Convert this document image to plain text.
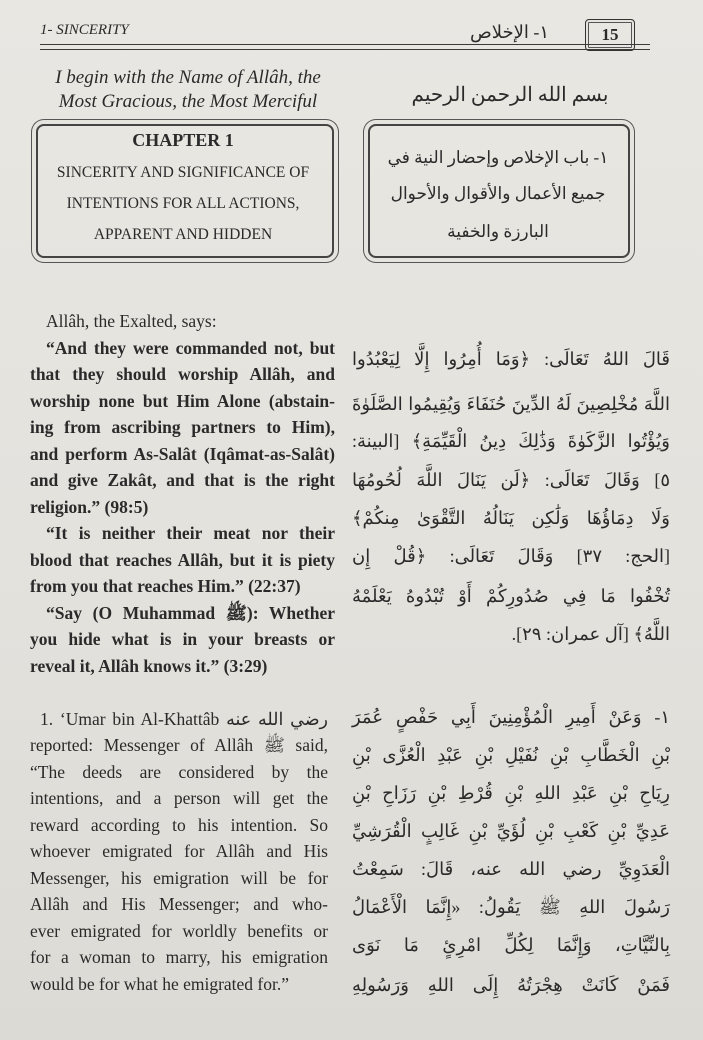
1- SINCERITY	١- الإخلاص	15
I begin with the Name of Allâh, the
Most Gracious, the Most Merciful	بسم الله الرحمن الرحيم
CHAPTER 1
SINCERITY AND SIGNIFICANCE OF
INTENTIONS FOR ALL ACTIONS,
APPARENT AND HIDDEN
١- باب الإخلاص وإحضار النية في
جميع الأعمال والأقوال والأحوال
البارزة والخفية
Allâh, the Exalted, says:
“And they were commanded not, but
that they should worship Allâh, and
worship none but Him Alone (abstain-
ing from ascribing partners to Him),
and perform As-Salât (Iqâmat-as-Salât)
and give Zakât, and that is the right
religion.” (98:5)
“It is neither their meat nor their
blood that reaches Allâh, but it is piety
from you that reaches Him.” (22:37)
“Say (O Muhammad ﷺ): Whether
you hide what is in your breasts or
reveal it, Allâh knows it.” (3:29)
1. ‘Umar bin Al-Khattâb رضي الله عنه
reported: Messenger of Allâh ﷺ said,
“The deeds are considered by the
intentions, and a person will get the
reward according to his intention. So
whoever emigrated for Allâh and His
Messenger, his emigration will be for
Allâh and His Messenger; and who-
ever emigrated for worldly benefits or
for a woman to marry, his emigration
would be for what he emigrated for.”
قَالَ اللهُ تَعَالَى: ﴿وَمَا أُمِرُوا إِلَّا لِيَعْبُدُوا
اللَّهَ مُخْلِصِينَ لَهُ الدِّينَ حُنَفَاءَ وَيُقِيمُوا الصَّلَوٰةَ
وَيُؤْتُوا الزَّكَوٰةَ وَذَٰلِكَ دِينُ الْقَيِّمَةِ﴾ [البينة:
٥] وَقَالَ تَعَالَى: ﴿لَن يَنَالَ اللَّهَ لُحُومُهَا
وَلَا دِمَاؤُهَا وَلَٰكِن يَنَالُهُ التَّقْوَىٰ مِنكُمْ﴾
[الحج: ٣٧] وَقَالَ تَعَالَى: ﴿قُلْ إِن
تُخْفُوا مَا فِي صُدُورِكُمْ أَوْ تُبْدُوهُ يَعْلَمْهُ
اللَّهُ﴾ [آل عمران: ٢٩].
١- وَعَنْ أَمِيرِ الْمُؤْمِنِينَ أَبِي حَفْصٍ عُمَرَ
بْنِ الْخَطَّابِ بْنِ نُفَيْلِ بْنِ عَبْدِ الْعُزَّى بْنِ
رِيَاحِ بْنِ عَبْدِ اللهِ بْنِ قُرْطِ بْنِ رَزَاحِ بْنِ
عَدِيِّ بْنِ كَعْبِ بْنِ لُؤَيِّ بْنِ غَالِبٍ الْقُرَشِيِّ
الْعَدَوِيِّ رضي الله عنه، قَالَ: سَمِعْتُ
رَسُولَ اللهِ ﷺ يَقُولُ: «إِنَّمَا الْأَعْمَالُ
بِالنِّيَّاتِ، وَإِنَّمَا لِكُلِّ امْرِئٍ مَا نَوَى
فَمَنْ كَانَتْ هِجْرَتُهُ إِلَى اللهِ وَرَسُولِهِ
